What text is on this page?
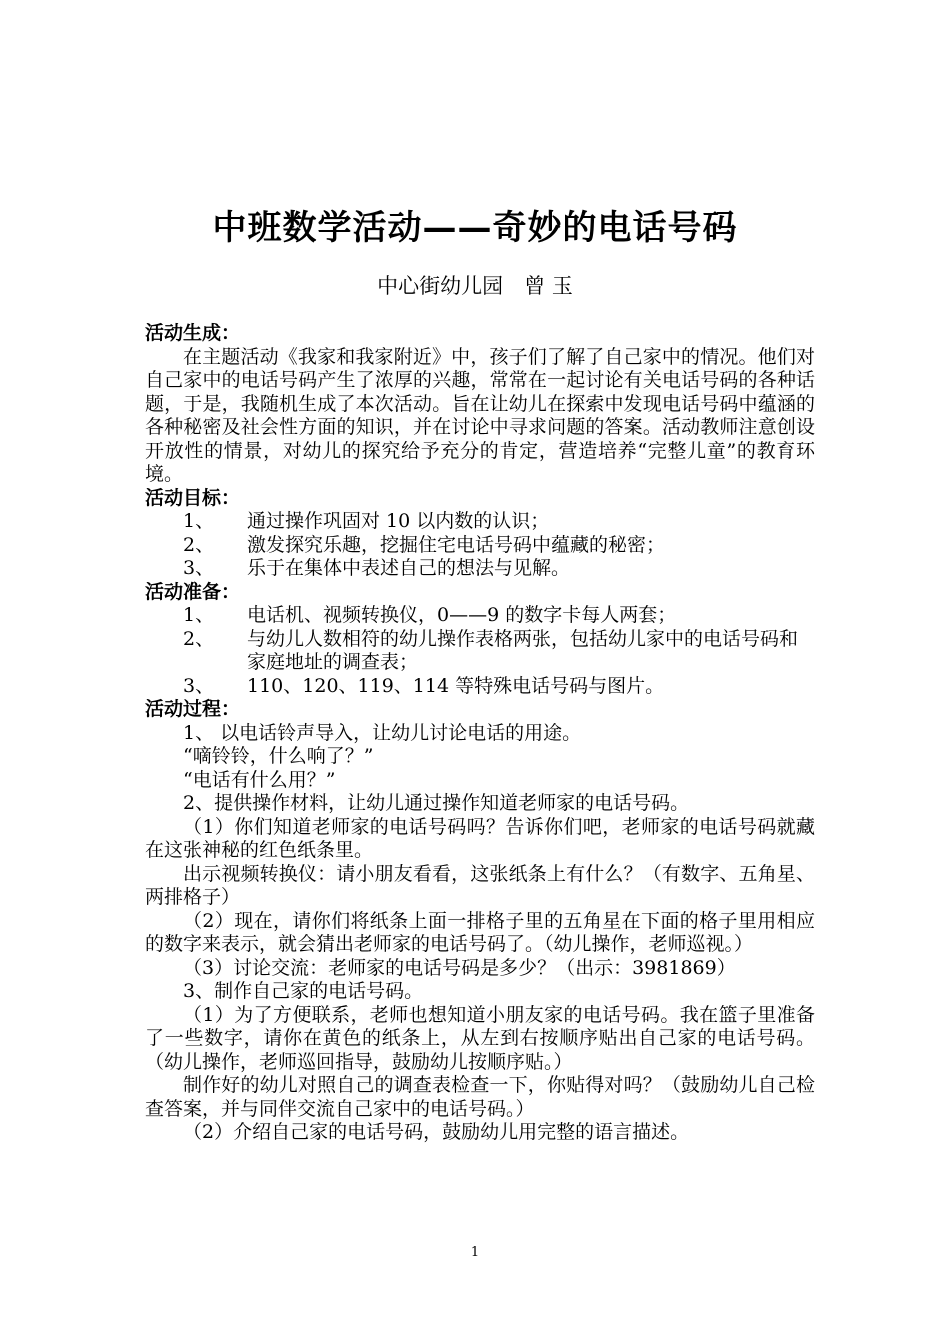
中班数学活动——奇妙的电话号码
中心街幼儿园　曾 玉
活动生成：
在主题活动《我家和我家附近》中，孩子们了解了自己家中的情况。他们对自己家中的电话号码产生了浓厚的兴趣，常常在一起讨论有关电话号码的各种话题，于是，我随机生成了本次活动。旨在让幼儿在探索中发现电话号码中蕴涵的各种秘密及社会性方面的知识，并在讨论中寻求问题的答案。活动教师注意创设开放性的情景，对幼儿的探究给予充分的肯定，营造培养“完整儿童”的教育环境。
活动目标：
1、	通过操作巩固对 10 以内数的认识；
2、	激发探究乐趣，挖掘住宅电话号码中蕴藏的秘密；
3、	乐于在集体中表述自己的想法与见解。
活动准备：
1、	电话机、视频转换仪，0——9 的数字卡每人两套；
2、	与幼儿人数相符的幼儿操作表格两张，包括幼儿家中的电话号码和家庭地址的调查表；
3、	110、120、119、114 等特殊电话号码与图片。
活动过程：
1、 以电话铃声导入，让幼儿讨论电话的用途。
“嘀铃铃，什么响了？”
“电话有什么用？”
2、提供操作材料，让幼儿通过操作知道老师家的电话号码。
（1）你们知道老师家的电话号码吗？告诉你们吧，老师家的电话号码就藏在这张神秘的红色纸条里。
出示视频转换仪：请小朋友看看，这张纸条上有什么？（有数字、五角星、两排格子）
（2）现在，请你们将纸条上面一排格子里的五角星在下面的格子里用相应的数字来表示，就会猜出老师家的电话号码了。（幼儿操作，老师巡视。）
（3）讨论交流：老师家的电话号码是多少？（出示：3981869）
3、制作自己家的电话号码。
（1）为了方便联系，老师也想知道小朋友家的电话号码。我在篮子里准备了一些数字，请你在黄色的纸条上，从左到右按顺序贴出自己家的电话号码。（幼儿操作，老师巡回指导，鼓励幼儿按顺序贴。）
制作好的幼儿对照自己的调查表检查一下，你贴得对吗？（鼓励幼儿自己检查答案，并与同伴交流自己家中的电话号码。）
（2）介绍自己家的电话号码，鼓励幼儿用完整的语言描述。
1
